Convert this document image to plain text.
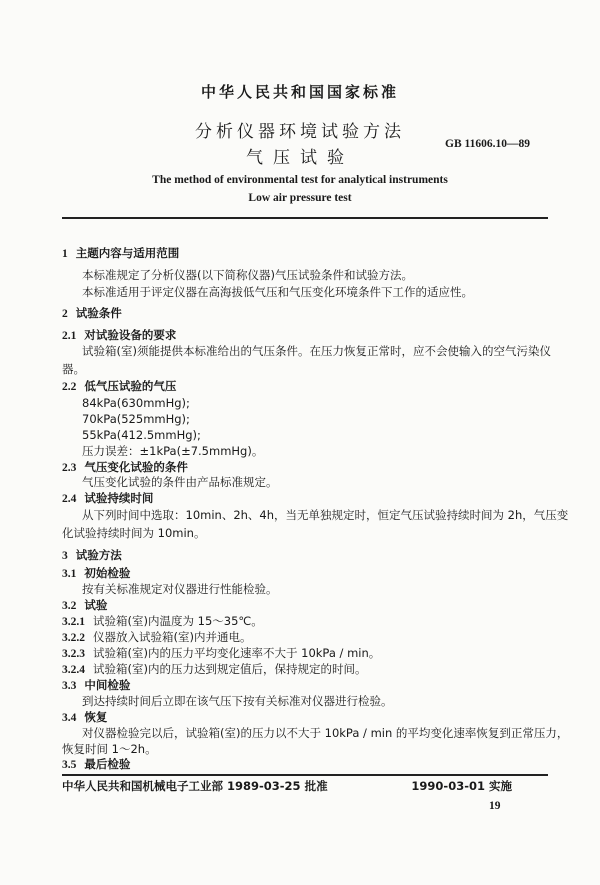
中华人民共和国国家标准
分析仪器环境试验方法
气压试验
GB 11606.10—89
The method of environmental test for analytical instruments
Low air pressure test
1 主题内容与适用范围
本标准规定了分析仪器(以下简称仪器)气压试验条件和试验方法。
本标准适用于评定仪器在高海拔低气压和气压变化环境条件下工作的适应性。
2 试验条件
2.1 对试验设备的要求
试验箱(室)须能提供本标准给出的气压条件。在压力恢复正常时，应不会使输入的空气污染仪
器。
2.2 低气压试验的气压
84kPa(630mmHg);
70kPa(525mmHg);
55kPa(412.5mmHg);
压力误差：±1kPa(±7.5mmHg)。
2.3 气压变化试验的条件
气压变化试验的条件由产品标准规定。
2.4 试验持续时间
从下列时间中选取：10min、2h、4h，当无单独规定时，恒定气压试验持续时间为 2h，气压变
化试验持续时间为 10min。
3 试验方法
3.1 初始检验
按有关标准规定对仪器进行性能检验。
3.2 试验
3.2.1 试验箱(室)内温度为 15～35℃。
3.2.2 仪器放入试验箱(室)内并通电。
3.2.3 试验箱(室)内的压力平均变化速率不大于 10kPa / min。
3.2.4 试验箱(室)内的压力达到规定值后，保持规定的时间。
3.3 中间检验
到达持续时间后立即在该气压下按有关标准对仪器进行检验。
3.4 恢复
对仪器检验完以后，试验箱(室)的压力以不大于 10kPa / min 的平均变化速率恢复到正常压力，
恢复时间 1～2h。
3.5 最后检验
中华人民共和国机械电子工业部 1989-03-25 批准	1990-03-01 实施
19
